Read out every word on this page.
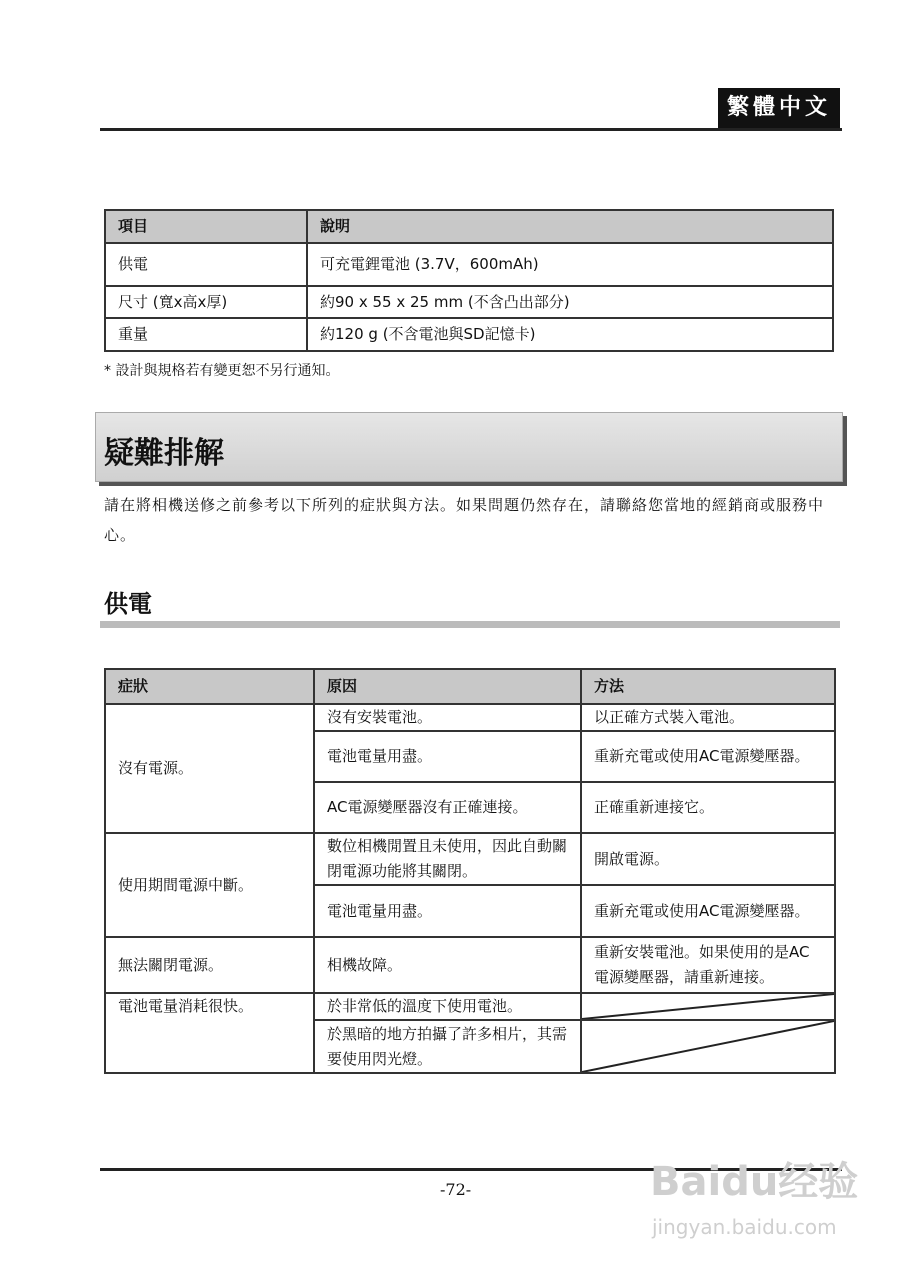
繁體中文
項目	說明
供電	可充電鋰電池 (3.7V，600mAh)
尺寸 (寬x高x厚)	約90 x 55 x 25 mm (不含凸出部分)
重量	約120 g (不含電池與SD記憶卡)
* 設計與規格若有變更恕不另行通知。
疑難排解
請在將相機送修之前參考以下所列的症狀與方法。如果問題仍然存在，請聯絡您當地的經銷商或服務中心。
供電
症狀	原因	方法
沒有電源。	沒有安裝電池。	以正確方式裝入電池。
	電池電量用盡。	重新充電或使用AC電源變壓器。
	AC電源變壓器沒有正確連接。	正確重新連接它。
使用期間電源中斷。	數位相機閒置且未使用，因此自動關閉電源功能將其關閉。	開啟電源。
	電池電量用盡。	重新充電或使用AC電源變壓器。
無法關閉電源。	相機故障。	重新安裝電池。如果使用的是AC電源變壓器，請重新連接。
電池電量消耗很快。	於非常低的溫度下使用電池。	

	於黑暗的地方拍攝了許多相片，其需要使用閃光燈。	
-72-	Baidu经验
jingyan.baidu.com
